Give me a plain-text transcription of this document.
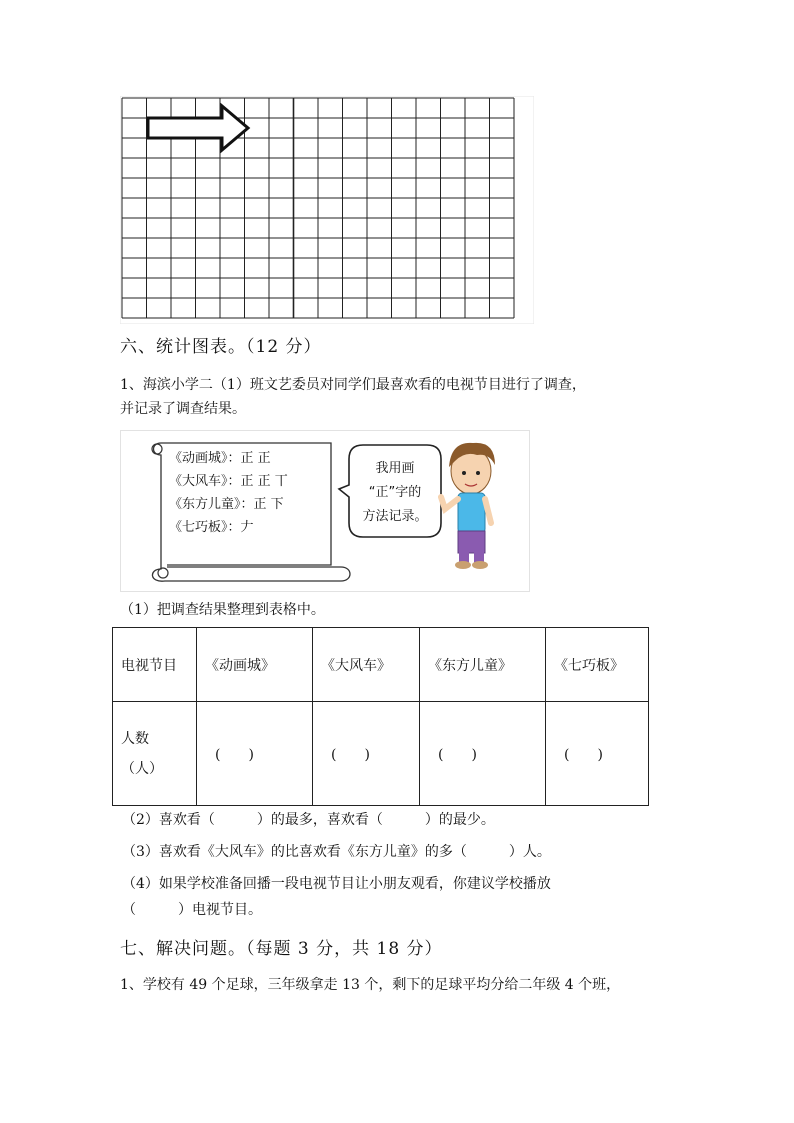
六、统计图表。（12 分）
1、海滨小学二（1）班文艺委员对同学们最喜欢看的电视节目进行了调查，
并记录了调查结果。
《动画城》：正 正
《大风车》：正 正 丅
《东方儿童》：正 下
《七巧板》：𠂇
我用画
“正”字的
方法记录。
（1）把调查结果整理到表格中。
电视节目	《动画城》	《大风车》	《东方儿童》	《七巧板》

人数
（人）	(　　)	(　　)	(　　)	(　　)
（2）喜欢看（　　　）的最多，喜欢看（　　　）的最少。
（3）喜欢看《大风车》的比喜欢看《东方儿童》的多（　　　）人。
（4）如果学校准备回播一段电视节目让小朋友观看，你建议学校播放
（　　　）电视节目。
七、解决问题。（每题 3 分，共 18 分）
1、学校有 49 个足球，三年级拿走 13 个，剩下的足球平均分给二年级 4 个班，
